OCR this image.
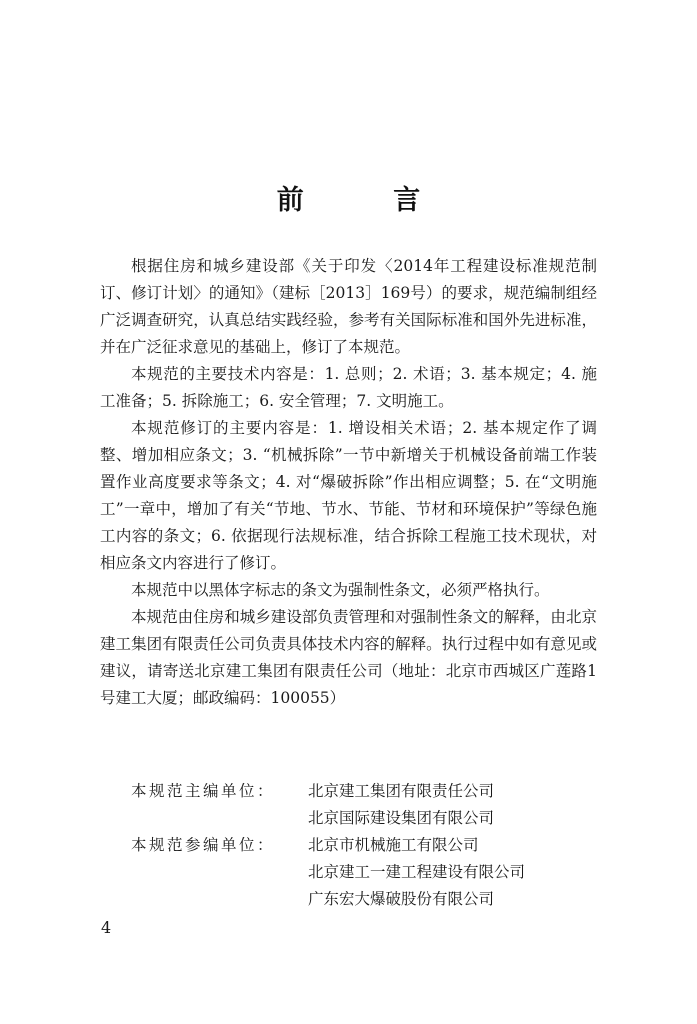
前 言

根据住房和城乡建设部《关于印发〈2014年工程建设标准规范制订、修订计划〉的通知》（建标［2013］169号）的要求，规范编制组经广泛调查研究，认真总结实践经验，参考有关国际标准和国外先进标准，并在广泛征求意见的基础上，修订了本规范。

本规范的主要技术内容是：1. 总则；2. 术语；3. 基本规定；4. 施工准备；5. 拆除施工；6. 安全管理；7. 文明施工。

本规范修订的主要内容是：1. 增设相关术语；2. 基本规定作了调整、增加相应条文；3. “机械拆除”一节中新增关于机械设备前端工作装置作业高度要求等条文；4. 对“爆破拆除”作出相应调整；5. 在“文明施工”一章中，增加了有关“节地、节水、节能、节材和环境保护”等绿色施工内容的条文；6. 依据现行法规标准，结合拆除工程施工技术现状，对相应条文内容进行了修订。

本规范中以黑体字标志的条文为强制性条文，必须严格执行。

本规范由住房和城乡建设部负责管理和对强制性条文的解释，由北京建工集团有限责任公司负责具体技术内容的解释。执行过程中如有意见或建议，请寄送北京建工集团有限责任公司（地址：北京市西城区广莲路1号建工大厦；邮政编码：100055）

本规范主编单位：	北京建工集团有限责任公司
北京国际建设集团有限公司
本规范参编单位：	北京市机械施工有限公司
北京建工一建工程建设有限公司
广东宏大爆破股份有限公司
4
